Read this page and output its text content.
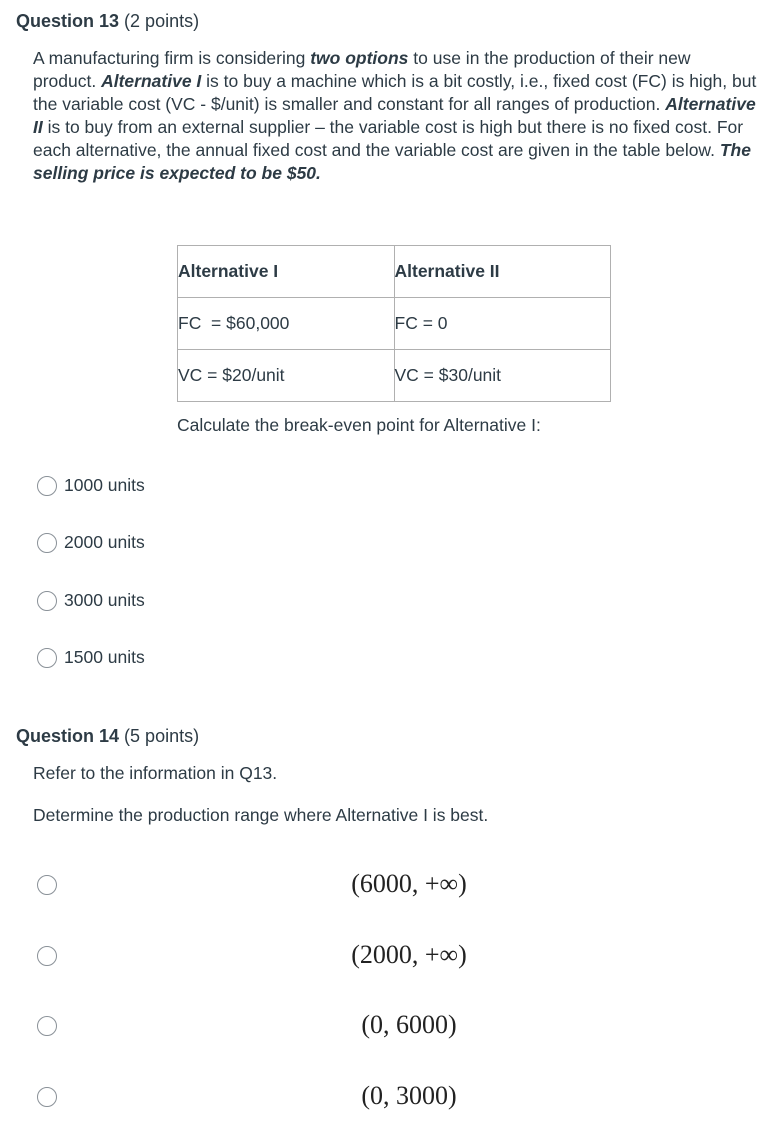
Question 13 (2 points)
A manufacturing firm is considering two options to use in the production of their new product. Alternative I is to buy a machine which is a bit costly, i.e., fixed cost (FC) is high, but the variable cost (VC - $/unit) is smaller and constant for all ranges of production. Alternative II is to buy from an external supplier – the variable cost is high but there is no fixed cost. For each alternative, the annual fixed cost and the variable cost are given in the table below. The selling price is expected to be $50.
Alternative I	Alternative II
FC  = $60,000	FC = 0
VC = $20/unit	VC = $30/unit
Calculate the break-even point for Alternative I:
1000 units
2000 units
3000 units
1500 units
Question 14 (5 points)
Refer to the information in Q13.
Determine the production range where Alternative I is best.
(6000, +∞)
(2000, +∞)
(0, 6000)
(0, 3000)
